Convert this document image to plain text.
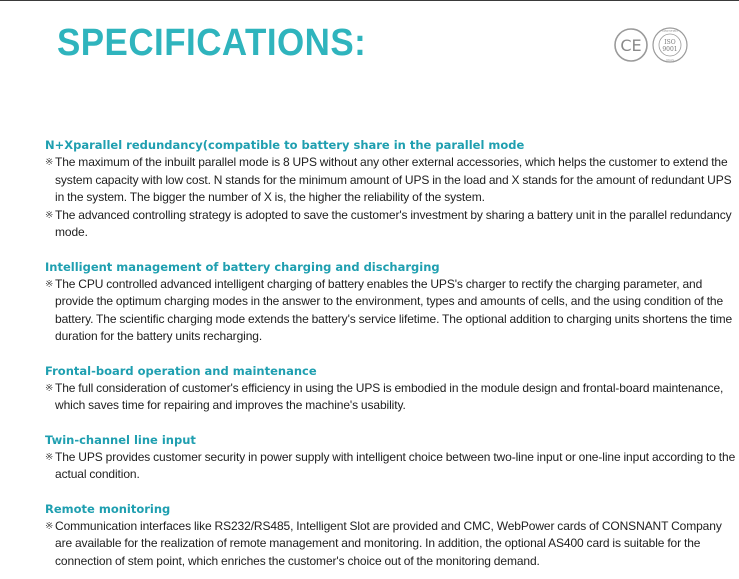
SPECIFICATIONS:	CE	ISO
9001
CERTIFIED
UKAS
N+Xparallel redundancy(compatible to battery share in the parallel mode
※ The maximum of the inbuilt parallel mode is 8 UPS without any other external accessories, which helps the customer to extend the system capacity with low cost. N stands for the minimum amount of UPS in the load and X stands for the amount of redundant UPS in the system. The bigger the number of X is, the higher the reliability of the system.
※ The advanced controlling strategy is adopted to save the customer's investment by sharing a battery unit in the parallel redundancy mode.
Intelligent management of battery charging and discharging
※ The CPU controlled advanced intelligent charging of battery enables the UPS's charger to rectify the charging parameter, and provide the optimum charging modes in the answer to the environment, types and amounts of cells, and the using condition of the battery. The scientific charging mode extends the battery's service lifetime. The optional addition to charging units shortens the time duration for the battery units recharging.
Frontal-board operation and maintenance
※ The full consideration of customer's efficiency in using the UPS is embodied in the module design and frontal-board maintenance, which saves time for repairing and improves the machine's usability.
Twin-channel line input
※ The UPS provides customer security in power supply with intelligent choice between two-line input or one-line input according to the actual condition.
Remote monitoring
※ Communication interfaces like RS232/RS485, Intelligent Slot are provided and CMC, WebPower cards of CONSNANT Company are available for the realization of remote management and monitoring. In addition, the optional AS400 card is suitable for the connection of stem point, which enriches the customer's choice out of the monitoring demand.
